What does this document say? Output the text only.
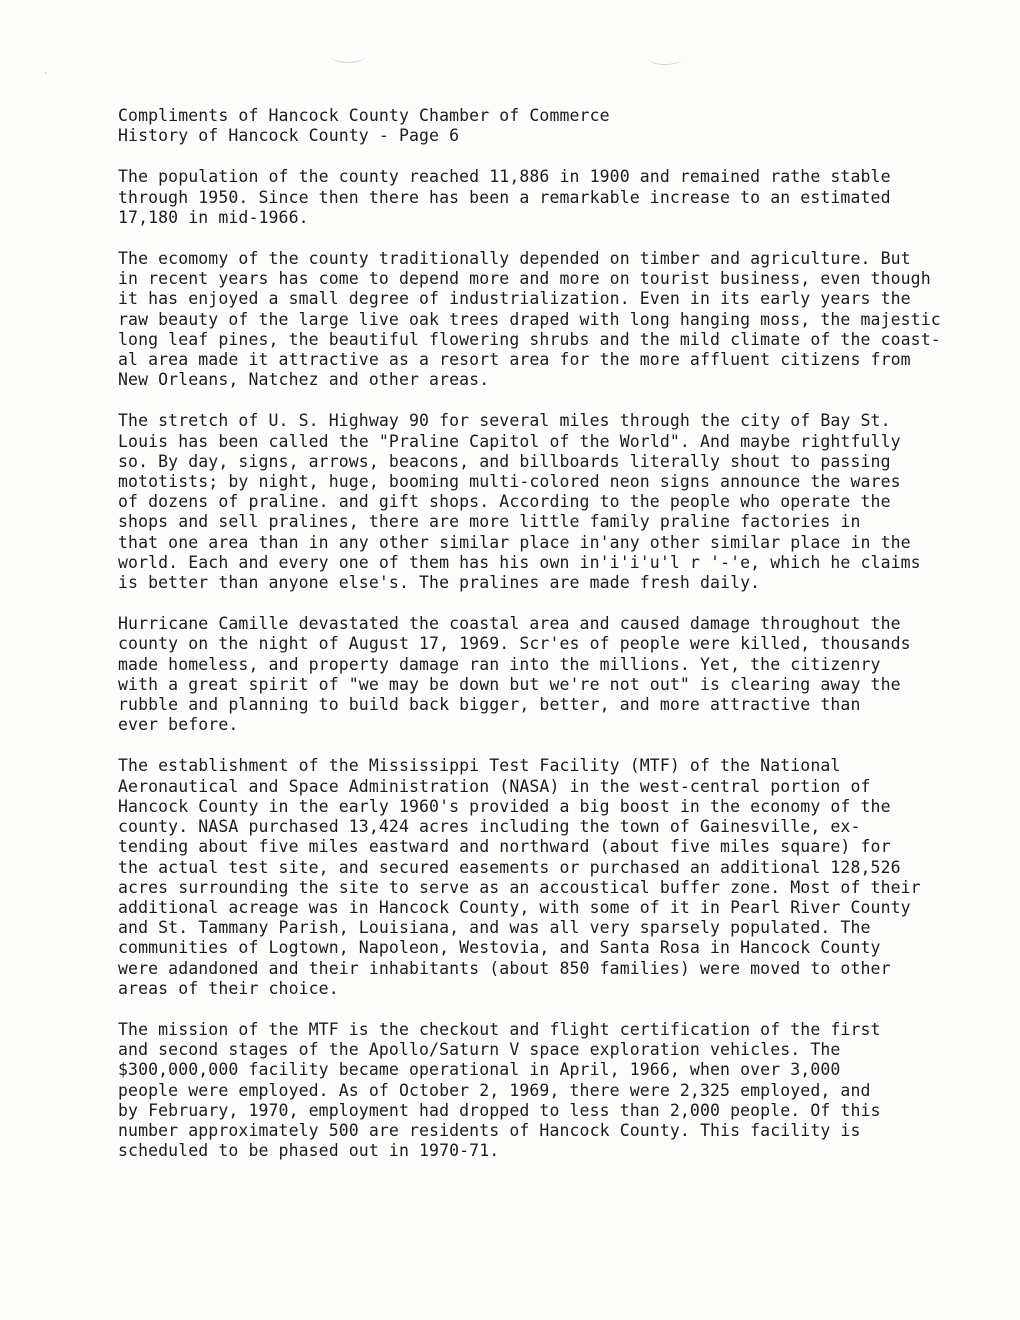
·
Compliments of Hancock County Chamber of Commerce
History of Hancock County - Page 6
The population of the county reached 11,886 in 1900 and remained rathe stable
through 1950. Since then there has been a remarkable increase to an estimated
17,180 in mid-1966.
The ecomomy of the county traditionally depended on timber and agriculture. But
in recent years has come to depend more and more on tourist business, even though
it has enjoyed a small degree of industrialization. Even in its early years the
raw beauty of the large live oak trees draped with long hanging moss, the majestic
long leaf pines, the beautiful flowering shrubs and the mild climate of the coast-
al area made it attractive as a resort area for the more affluent citizens from
New Orleans, Natchez and other areas.
The stretch of U. S. Highway 90 for several miles through the city of Bay St.
Louis has been called the "Praline Capitol of the World". And maybe rightfully
so. By day, signs, arrows, beacons, and billboards literally shout to passing
mototists; by night, huge, booming multi-colored neon signs announce the wares
of dozens of praline. and gift shops. According to the people who operate the
shops and sell pralines, there are more little family praline factories in
that one area than in any other similar place in'any other similar place in the
world. Each and every one of them has his own in'i'i'u'l r '-'e, which he claims
is better than anyone else's. The pralines are made fresh daily.
Hurricane Camille devastated the coastal area and caused damage throughout the
county on the night of August 17, 1969. Scr'es of people were killed, thousands
made homeless, and property damage ran into the millions. Yet, the citizenry
with a great spirit of "we may be down but we're not out" is clearing away the
rubble and planning to build back bigger, better, and more attractive than
ever before.
The establishment of the Mississippi Test Facility (MTF) of the National
Aeronautical and Space Administration (NASA) in the west-central portion of
Hancock County in the early 1960's provided a big boost in the economy of the
county. NASA purchased 13,424 acres including the town of Gainesville, ex-
tending about five miles eastward and northward (about five miles square) for
the actual test site, and secured easements or purchased an additional 128,526
acres surrounding the site to serve as an accoustical buffer zone. Most of their
additional acreage was in Hancock County, with some of it in Pearl River County
and St. Tammany Parish, Louisiana, and was all very sparsely populated. The
communities of Logtown, Napoleon, Westovia, and Santa Rosa in Hancock County
were adandoned and their inhabitants (about 850 families) were moved to other
areas of their choice.
The mission of the MTF is the checkout and flight certification of the first
and second stages of the Apollo/Saturn V space exploration vehicles. The
$300,000,000 facility became operational in April, 1966, when over 3,000
people were employed. As of October 2, 1969, there were 2,325 employed, and
by February, 1970, employment had dropped to less than 2,000 people. Of this
number approximately 500 are residents of Hancock County. This facility is
scheduled to be phased out in 1970-71.
